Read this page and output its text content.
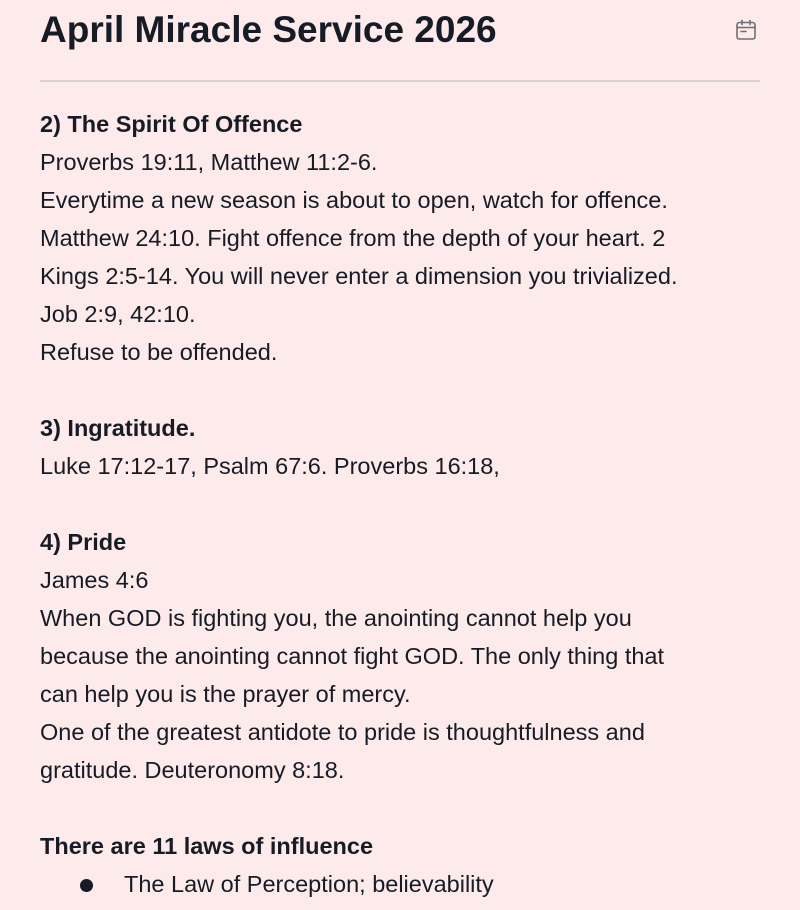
April Miracle Service 2026
2) The Spirit Of Offence
Proverbs 19:11, Matthew 11:2-6.
Everytime a new season is about to open, watch for offence.
Matthew 24:10. Fight offence from the depth of your heart. 2
Kings 2:5-14. You will never enter a dimension you trivialized.
Job 2:9, 42:10.
Refuse to be offended.
3) Ingratitude.
Luke 17:12-17, Psalm 67:6. Proverbs 16:18,
4) Pride
James 4:6
When GOD is fighting you, the anointing cannot help you
because the anointing cannot fight GOD. The only thing that
can help you is the prayer of mercy.
One of the greatest antidote to pride is thoughtfulness and
gratitude. Deuteronomy 8:18.
There are 11 laws of influence
The Law of Perception; believability
